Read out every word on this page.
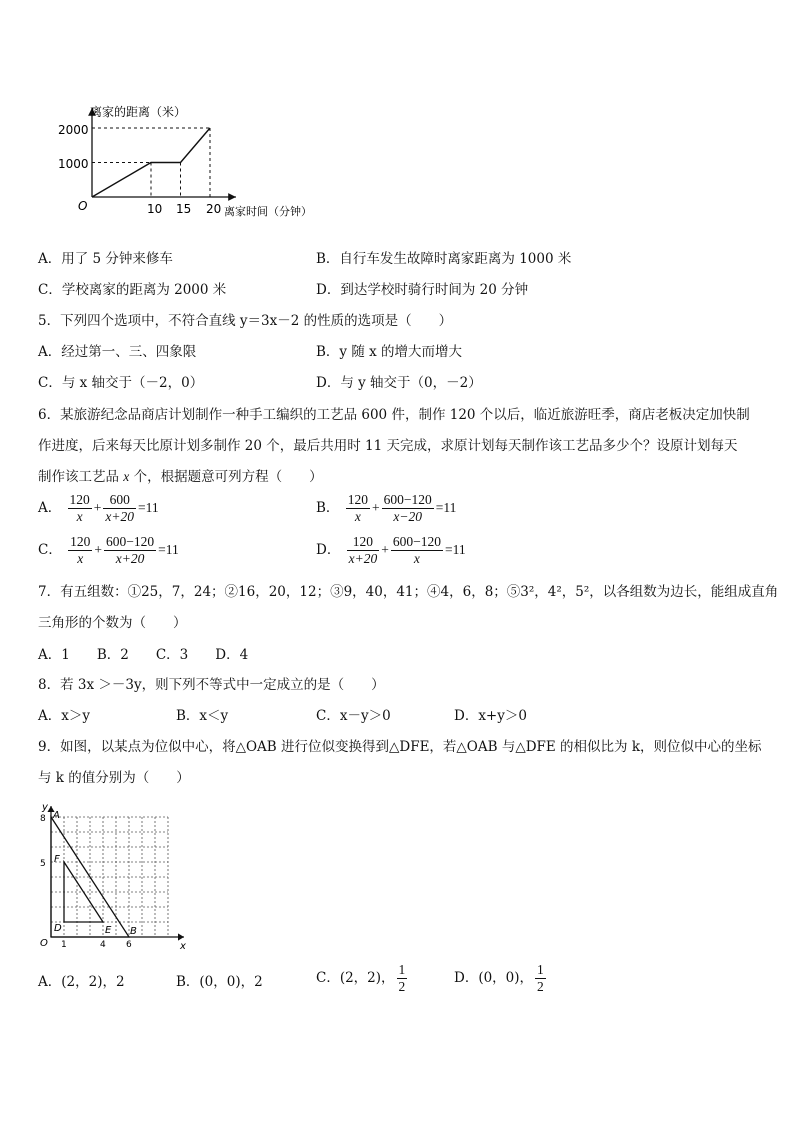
离家的距离（米）
离家时间（分钟）
2000
1000
10 15 20
O
A．用了 5 分钟来修车	B．自行车发生故障时离家距离为 1000 米
C．学校离家的距离为 2000 米	D．到达学校时骑行时间为 20 分钟
5．下列四个选项中，不符合直线 y＝3x－2 的性质的选项是（　　）
A．经过第一、三、四象限	B．y 随 x 的增大而增大
C．与 x 轴交于（－2，0）	D．与 y 轴交于（0，－2）
6．某旅游纪念品商店计划制作一种手工编织的工艺品 600 件，制作 120 个以后，临近旅游旺季，商店老板决定加快制
作进度，后来每天比原计划多制作 20 个，最后共用时 11 天完成，求原计划每天制作该工艺品多少个？设原计划每天
制作该工艺品 x 个，根据题意可列方程（　　）
A． $\frac{120}{x} + \frac{600}{x+20} =11$	B． $\frac{120}{x} + \frac{600-120}{x-20} =11$
C． $\frac{120}{x} + \frac{600-120}{x+20} =11$	D． $\frac{120}{x+20} + \frac{600-120}{x} =11$
7．有五组数：①25，7，24；②16，20，12；③9，40，41；④4，6，8；⑤3²，4²，5²，以各组数为边长，能组成直角
三角形的个数为（　　）
A．1　　B．2　　C．3　　D．4
8．若 3x ＞－3y，则下列不等式中一定成立的是（　　）
A．x＞y	B．x＜y	C．x－y＞0	D．x+y＞0
9．如图，以某点为位似中心，将△OAB 进行位似变换得到△DFE，若△OAB 与△DFE 的相似比为 k，则位似中心的坐标
与 k 的值分别为（　　）
y
x
O
A
B
D	E
F
8
5
1	4 6
A．(2，2)，2	B．(0，0)，2	C．(2，2)， $\frac{1}{2}$	D．(0，0)， $\frac{1}{2}$
